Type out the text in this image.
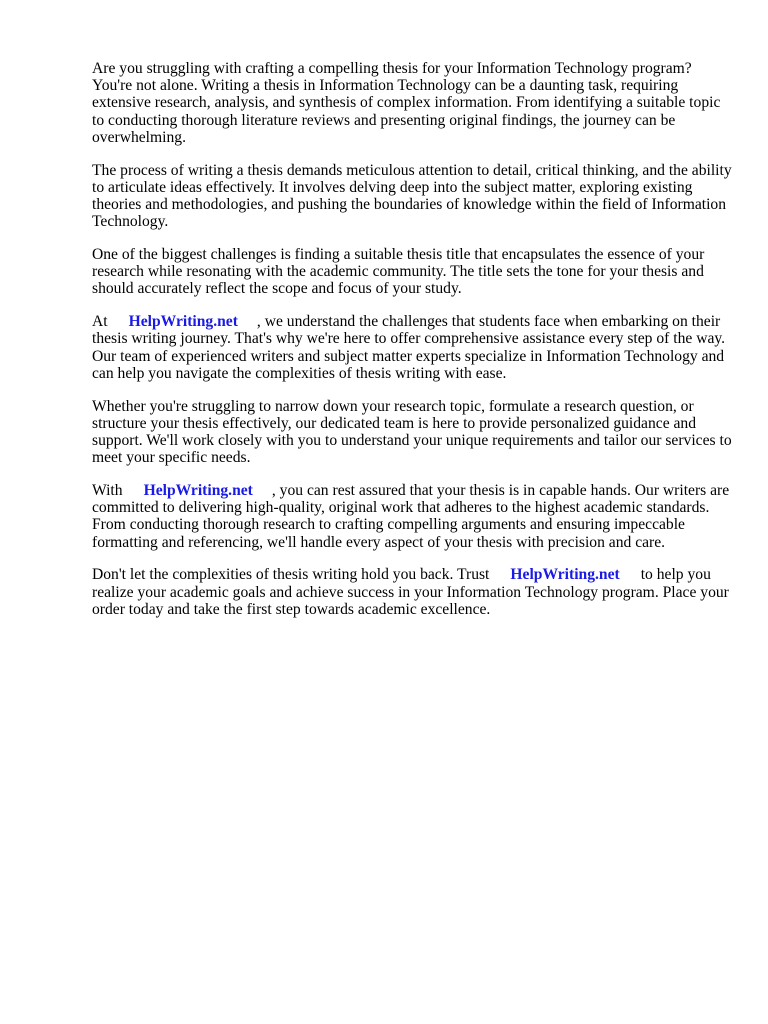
Are you struggling with crafting a compelling thesis for your Information Technology program? You're not alone. Writing a thesis in Information Technology can be a daunting task, requiring extensive research, analysis, and synthesis of complex information. From identifying a suitable topic to conducting thorough literature reviews and presenting original findings, the journey can be overwhelming.

The process of writing a thesis demands meticulous attention to detail, critical thinking, and the ability to articulate ideas effectively. It involves delving deep into the subject matter, exploring existing theories and methodologies, and pushing the boundaries of knowledge within the field of Information Technology.

One of the biggest challenges is finding a suitable thesis title that encapsulates the essence of your research while resonating with the academic community. The title sets the tone for your thesis and should accurately reflect the scope and focus of your study.

At HelpWriting.net , we understand the challenges that students face when embarking on their thesis writing journey. That's why we're here to offer comprehensive assistance every step of the way. Our team of experienced writers and subject matter experts specialize in Information Technology and can help you navigate the complexities of thesis writing with ease.

Whether you're struggling to narrow down your research topic, formulate a research question, or structure your thesis effectively, our dedicated team is here to provide personalized guidance and support. We'll work closely with you to understand your unique requirements and tailor our services to meet your specific needs.

With HelpWriting.net , you can rest assured that your thesis is in capable hands. Our writers are committed to delivering high-quality, original work that adheres to the highest academic standards. From conducting thorough research to crafting compelling arguments and ensuring impeccable formatting and referencing, we'll handle every aspect of your thesis with precision and care.

Don't let the complexities of thesis writing hold you back. Trust HelpWriting.net to help you realize your academic goals and achieve success in your Information Technology program. Place your order today and take the first step towards academic excellence.
